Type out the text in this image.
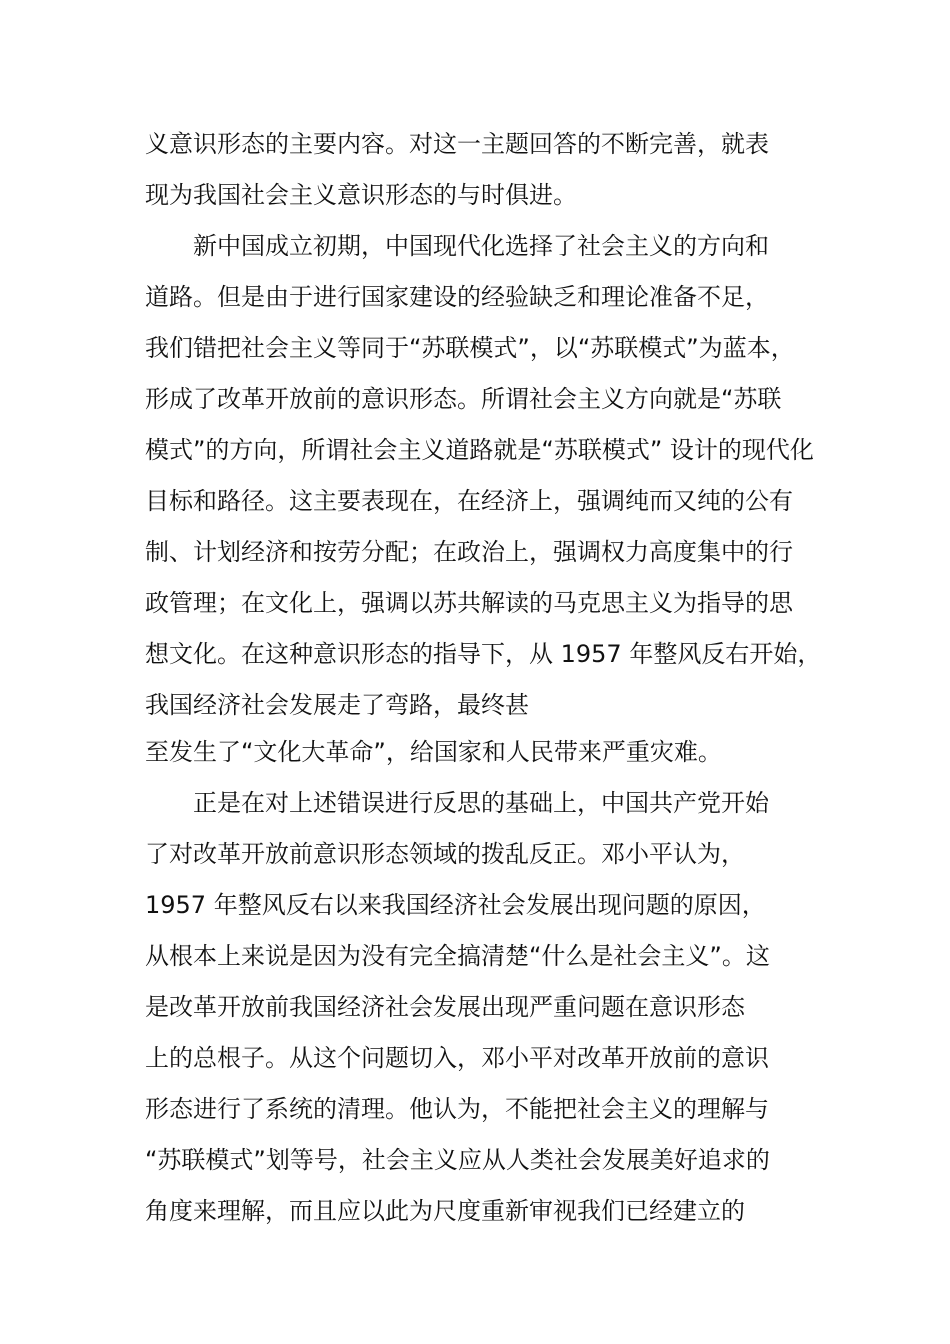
义意识形态的主要内容。对这一主题回答的不断完善，就表
现为我国社会主义意识形态的与时俱进。
新中国成立初期，中国现代化选择了社会主义的方向和
道路。但是由于进行国家建设的经验缺乏和理论准备不足，
我们错把社会主义等同于“苏联模式”，以“苏联模式”为蓝本，
形成了改革开放前的意识形态。所谓社会主义方向就是“苏联
模式”的方向，所谓社会主义道路就是“苏联模式” 设计的现代化
目标和路径。这主要表现在，在经济上，强调纯而又纯的公有
制、计划经济和按劳分配；在政治上，强调权力高度集中的行
政管理；在文化上，强调以苏共解读的马克思主义为指导的思
想文化。在这种意识形态的指导下，从 1957 年整风反右开始，
我国经济社会发展走了弯路，最终甚
至发生了“文化大革命”，给国家和人民带来严重灾难。
正是在对上述错误进行反思的基础上，中国共产党开始
了对改革开放前意识形态领域的拨乱反正。邓小平认为，
1957 年整风反右以来我国经济社会发展出现问题的原因，
从根本上来说是因为没有完全搞清楚“什么是社会主义”。这
是改革开放前我国经济社会发展出现严重问题在意识形态
上的总根子。从这个问题切入，邓小平对改革开放前的意识
形态进行了系统的清理。他认为，不能把社会主义的理解与
“苏联模式”划等号，社会主义应从人类社会发展美好追求的
角度来理解，而且应以此为尺度重新审视我们已经建立的
